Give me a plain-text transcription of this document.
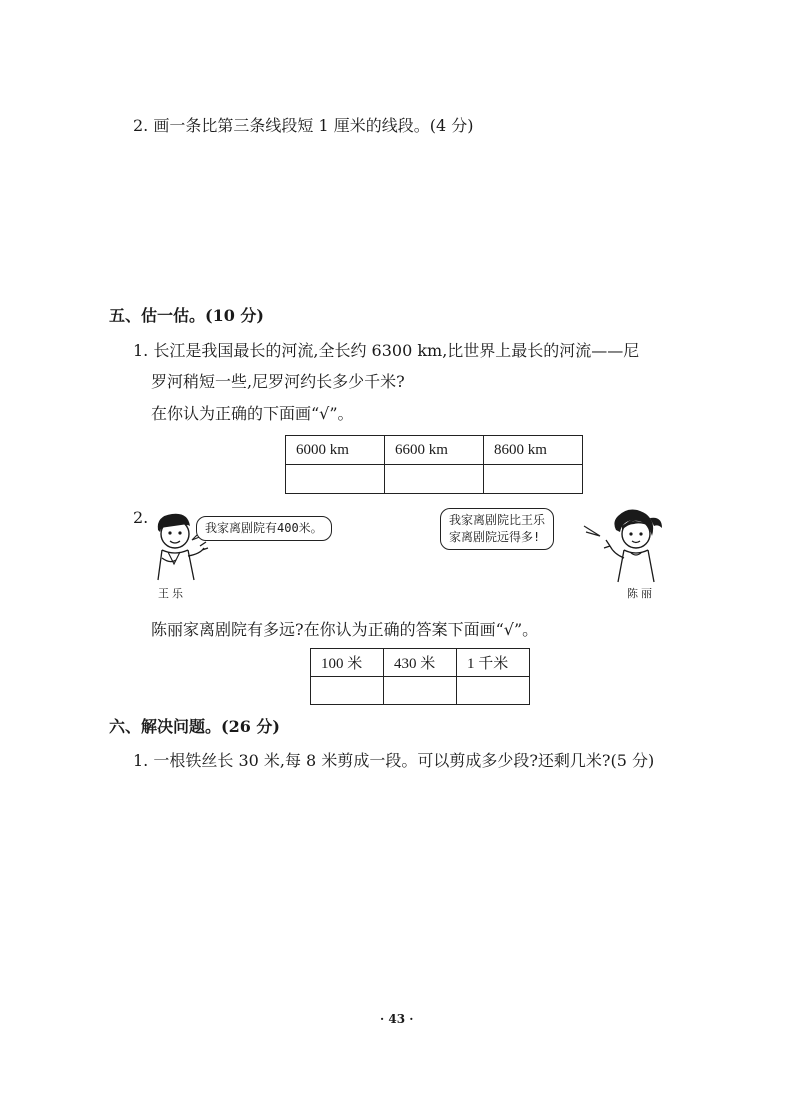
2. 画一条比第三条线段短 1 厘米的线段。(4 分)
五、估一估。(10 分)
1. 长江是我国最长的河流,全长约 6300 km,比世界上最长的河流——尼
罗河稍短一些,尼罗河约长多少千米?
在你认为正确的下面画“√”。
6000 km	6600 km	8600 km

2.
我家离剧院有400米。
王乐
我家离剧院比王乐
家离剧院远得多!
陈丽
陈丽家离剧院有多远?在你认为正确的答案下面画“√”。
100 米	430 米	1 千米

六、解决问题。(26 分)
1. 一根铁丝长 30 米,每 8 米剪成一段。可以剪成多少段?还剩几米?(5 分)
· 43 ·
